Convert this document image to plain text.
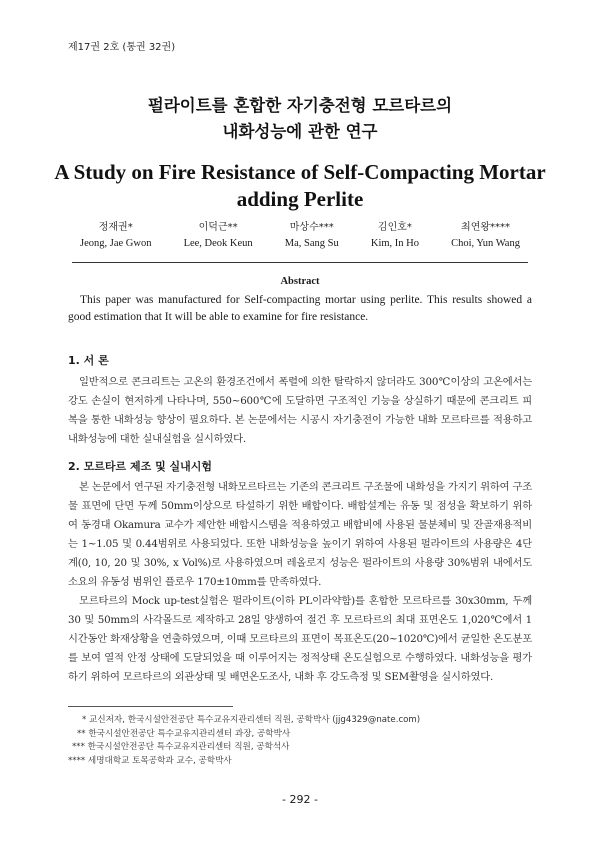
제17권 2호 (통권 32권)
펄라이트를 혼합한 자기충전형 모르타르의
내화성능에 관한 연구
A Study on Fire Resistance of Self-Compacting Mortar
adding Perlite
정재권*
Jeong, Jae Gwon
이덕근**
Lee, Deok Keun
마상수***
Ma, Sang Su
김인호*
Kim, In Ho
최연왕****
Choi, Yun Wang
Abstract
This paper was manufactured for Self-compacting mortar using perlite. This results showed a good estimation that It will be able to examine for fire resistance.
1. 서 론

일반적으로 콘크리트는 고온의 환경조건에서 폭렬에 의한 탈락하지 않더라도 300℃이상의 고온에서는 강도 손실이 현저하게 나타나며, 550~600℃에 도달하면 구조적인 기능을 상실하기 때문에 콘크리트 피복을 통한 내화성능 향상이 필요하다. 본 논문에서는 시공시 자기충전이 가능한 내화 모르타르를 적용하고 내화성능에 대한 실내실험을 실시하였다.

2. 모르타르 제조 및 실내시험

본 논문에서 연구된 자기충전형 내화모르타르는 기존의 콘크리트 구조물에 내화성을 가지기 위하여 구조물 표면에 단면 두께 50mm이상으로 타설하기 위한 배합이다. 배합설계는 유동 및 점성을 확보하기 위하여 동경대 Okamura 교수가 제안한 배합시스템을 적용하였고 배합비에 사용된 물분체비 및 잔골재용적비는 1~1.05 및 0.44범위로 사용되었다. 또한 내화성능을 높이기 위하여 사용된 펄라이트의 사용량은 4단계(0, 10, 20 및 30%, x Vol%)로 사용하였으며 레올로지 성능은 펄라이트의 사용량 30%범위 내에서도 소요의 유동성 범위인 플로우 170±10mm를 만족하였다.

모르타르의 Mock up-test실험은 펄라이트(이하 PL이라약함)를 혼합한 모르타르를 30x30mm, 두께 30 및 50mm의 사각몰드로 제작하고 28일 양생하여 절건 후 모르타르의 최대 표면온도 1,020℃에서 1시간동안 화재상황을 연출하였으며, 이때 모르타르의 표면이 목표온도(20~1020℃)에서 균일한 온도분포를 보여 열적 안정 상태에 도달되었을 때 이루어지는 정적상태 온도실험으로 수행하였다. 내화성능을 평가하기 위하여 모르타르의 외관상태 및 배면온도조사, 내화 후 강도측정 및 SEM촬영을 실시하였다.

* 교신저자, 한국시설안전공단 특수교유지관리센터 직원, 공학박사 (jjg4329@nate.com)
** 한국시설안전공단 특수교유지관리센터 과장, 공학박사
*** 한국시설안전공단 특수교유지관리센터 직원, 공학석사
**** 세명대학교 토목공학과 교수, 공학박사
- 292 -
